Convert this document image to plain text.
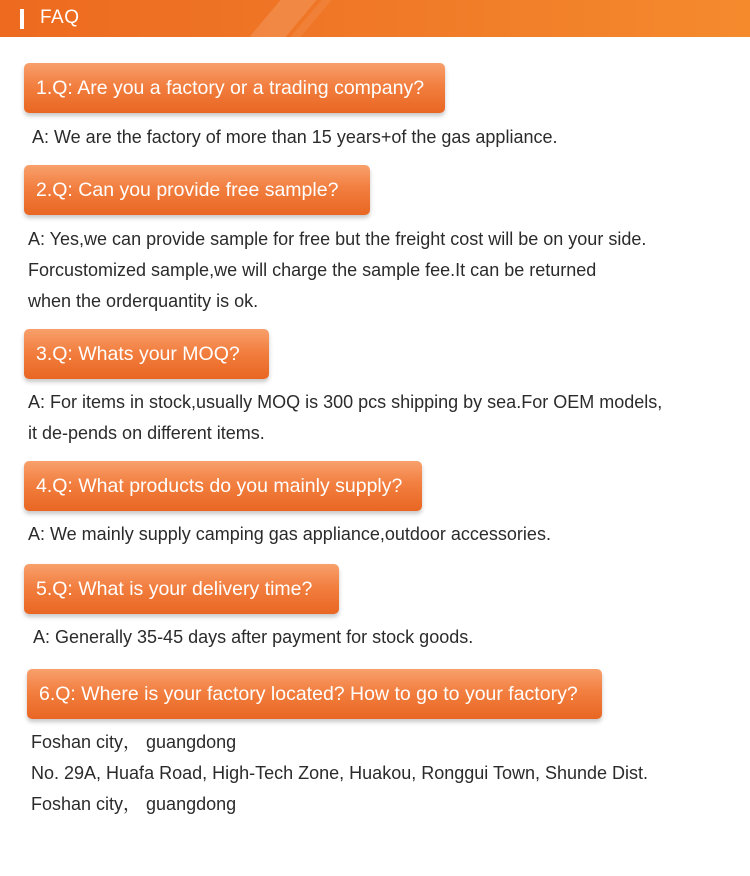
FAQ
1.Q: Are you a factory or a trading company?
A: We are the factory of more than 15 years+of the gas appliance.
2.Q: Can you provide free sample?
A: Yes,we can provide sample for free but the freight cost will be on your side.
Forcustomized sample,we will charge the sample fee.It can be returned
when the orderquantity is ok.
3.Q: Whats your MOQ?
A: For items in stock,usually MOQ is 300 pcs shipping by sea.For OEM models,
it de-pends on different items.
4.Q: What products do you mainly supply?
A: We mainly supply camping gas appliance,outdoor accessories.
5.Q: What is your delivery time?
A: Generally 35-45 days after payment for stock goods.
6.Q: Where is your factory located? How to go to your factory?
Foshan city， guangdong
No. 29A, Huafa Road, High-Tech Zone, Huakou, Ronggui Town, Shunde Dist.
Foshan city， guangdong
